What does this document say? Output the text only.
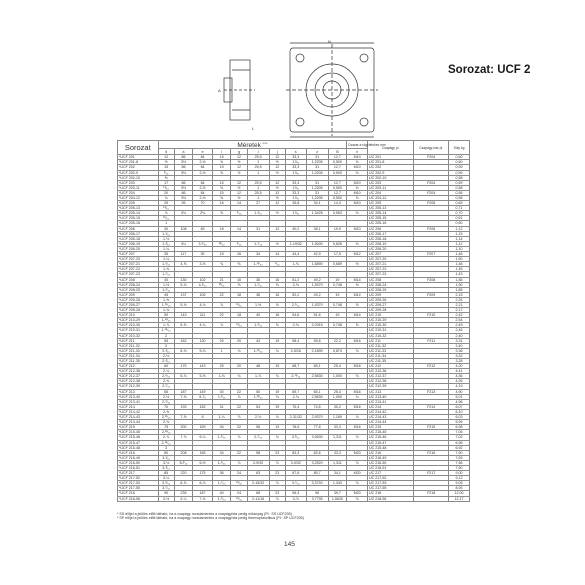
N
A
L
Sorozat: UCF 2
Sorozat	Méretek $^{mm}$										Csavar a rögzítéshez mm	Csapágy pl.	Csapágy-ház pl.	Súly kg
	d	a	e	i	g	l	j	s	z	B	n			
*UCF 201	12	86	64	15	12	25,5	12	33,3	31	12,7	M10	UC 201	F204	0,60
*UCF 201-8	½	3⅜	2-½	⅝	½	1	½	1⅞₆	1,2205	0,500	⅜	UC 201-8		0,60
*UCF 202	15	86	64	15	12	25,5	12	33,3	31	12,7	M10	UC 202		0,59
*UCF 202-9	⁹⁄₁₆	3⅜	2-½	⅝	½	1	½	1⅞₆	1,2205	0,500	⅜	UC 202-9		0,59
*UCF 202-10	⅝											UC 202-10		0,58
*UCF 203	17	86	64	15	12	25,5	12	33,3	31	12,7	M10	UC 203	F204	0,59
*UCF 203-11	¹¹⁄₁₆	3⅜	2-½	⅝	½	1	½	1⅞₆	1,2205	0,500	⅜	UC 203-11		0,58
*UCF 204	20	86	64	15	12	25,5	12	33,3	31	12,7	M10	UC 204	F204	0,56
*UCF 204-12	¾	3⅜	2-½	⅝	½	1	½	1⅞₆	1,2205	0,500	⅜	UC 204-12		0,56
*UCF 205	25	95	70	16	14	27	12	35,8	34,1	14,3	M10	UC 205	F205	0,69
*UCF 205-13	¹³⁄₁₆											UC 205-13		0,71
*UCF 205-14	⅞	3¾	2¾	⅝	⁹⁄₁₆	1-¹⁄₁₆	½	1⅞₆	1,3425	0,563	⅜	UC 205-14		0,70
*UCF 205-15	¹⁵⁄₁₆											UC 205-15		0,61
*UCF 205-16	1											UC 205-16		0,60
*UCF 206	30	108	83	18	14	31	12	40,2	38,1	15,9	M10	UC 206	F206	1,12
*UCF 206-17	1-¹⁄₁₆											UC 206-17		1,15
*UCF 206-18	1-⅛											UC 206-18		1,14
*UCF 206-19	1-³⁄₁₆	4¼	3-⁹⁄₃₂	²³⁄₃₂	⁹⁄₁₆	1-⁷⁄₃₂	½	1-19/32	1,5000	0,626	⅜	UC 206-19		1,12
*UCF 206-20	1-¼											UC 206-20		1,10
*UCF 207	35	117	92	19	16	34	14	44,4	42,9	17,5	M12	UC 207	F207	1,46
*UCF 207-20	1-¼											UC 207-20		1,50
*UCF 207-21	1-⁵⁄₁₆	4-⅝	3-⅝	¾	⅝	1-¹¹⁄₃₂	⁹⁄₁₆	1-¾	1,6890	0,689	½	UC 207-21		1,48
*UCF 207-22	1-⅜											UC 207-22		1,45
*UCF 207-23	1-⁷⁄₁₆											UC 207-23		1,43
*UCF 208	40	130	102	21	16	36	16	51,2	49,2	19	M14	UC 208	F208	1,85
*UCF 208-24	1-½	5-⅛	4-¹⁄₃₂	¹³⁄₁₆	⅝	1-⁷⁄₁₆	⅝	2-⅛	1,9370	0,748	⅝	UC 208-24		1,90
*UCF 208-25	1-⁹⁄₁₆											UC 208-25		1,85
*UCF 209	45	137	105	22	18	38	16	52,2	49,2	19	M14	UC 209	F209	2,15
*UCF 209-26	1-⅝											UC 209-26		2,25
*UCF 209-27	1-¹¹⁄₁₆	5-⅜	4-⅛	⅞	¹¹⁄₁₆	1-½	⅝	2-¹⁄₁₆	1,9370	0,748	⅝	UC 209-27		2,21
*UCF 209-28	1-¾											UC 209-28		2,17
*UCF 210	50	143	111	22	18	40	16	54,6	51,6	19	M14	UC 210	F210	2,42
*UCF 210-29	1-¹³⁄₁₆											UC 210-29		2,54
*UCF 210-30	1-⅞	5-⅝	4-¼	⅞	¹¹⁄₁₆	1-⁹⁄₁₆	⅝	2-⅛	2,0315	0,748	⅝	UC 210-30		2,49
*UCF 210-31	1-¹⁵⁄₁₆											UC 210-31		2,45
*UCF 210-32	2											UC 210-32		2,40
*UCF 211	55	162	130	25	20	43	19	58,4	55,6	22,2	M16	UC 211	F211	3,31
*UCF 211-32	2											UC 211-32		3,40
*UCF 211-33	2-¹⁄₁₆	6-⅜	5-⅛	1	¾	1-¹¹⁄₁₆	¾	2-5/16	2,1890	0,874	¾	UC 211-33		3,36
*UCF 211-34	2-⅛											UC 211-34		3,32
*UCF 211-35	2-³⁄₁₆											UC 211-35		3,28
*UCF 212	60	175	143	29	20	48	19	68,7	65,1	25,4	M16	UC 212	F212	4,20
*UCF 212-36	2-¼											UC 212-36		4,41
*UCF 212-37	2-⁵⁄₁₆	6-⅞	5-⅝	1-⅛	¾	1-⅞	¾	2-¹¹⁄₁₆	2,5630	1,000	¾	UC 212-37		4,36
*UCF 212-38	2-⅜											UC 212-38		4,26
*UCF 212-39	2-⁷⁄₁₆											UC 212-39		4,19
*UCF 213	65	187	149	30	22	50	19	69,7	65,1	25,4	M16	UC 213	F213	4,90
*UCF 213-40	2-½	7-⅜	5-⁷⁄₈	1-³⁄₁₆	⅞	1-³¹⁄₃₂	¾	2-¾	2,5630	1,000	¾	UC 213-40		5,01
*UCF 213-41	2-⁹⁄₁₆											UC 213-41		4,96
*UCF 214	70	193	152	31	22	54	19	75,4	74,6	30,2	M16	UC 214	F214	6,07
*UCF 214-42	2-⅝											UC 214-42		6,10
*UCF 214-43	2-¹¹⁄₁₆	7-⅝	6	1-¼	⅞	2-⅛	¾	2-31/32	2,9370	1,189	¾	UC 214-43		6,03
*UCF 214-44	2-¾											UC 214-44		5,99
*UCF 215	75	200	159	34	22	56	19	78,5	77,8	33,3	M16	UC 215	F215	6,98
*UCF 215-45	2-¹³⁄₁₆											UC 215-45		7,05
*UCF 215-46	2-⅞	7-⅞	6-¼	1-⁵⁄₁₆	⅞	2-⁷⁄₃₂	¾	3-³⁄₃₂	3,0630	1,311	¾	UC 215-46		7,02
*UCF 215-47	2-¹⁵⁄₁₆											UC 215-47		6,96
*UCF 215-48	3											UC 215-48		6,92
*UCF 216	80	208	165	34	22	58	23	83,3	82,6	33,3	M20	UC 216	F216	7,50
*UCF 216-49	3-¹⁄₁₆											UC 216-49		7,63
*UCF 216-50	3-⅛	8-³⁄₁₆	6-½	1-⁵⁄₁₆	⅞	2-9/32	⅞	3-9/32	3,2520	1,311	⅞	UC 216-50		7,56
*UCF 216-51	3-³⁄₁₆											UC 216-51		7,50
*UCF 217	85	220	175	36	24	63	23	87,6	85,7	34,1	M20	UC 217	F217	9,00
*UCF 217-52	3-¼											UC 217-52		9,12
*UCF 217-53	3-⁵⁄₁₆	8-⅝	6-⅞	1-⁷⁄₁₆	¹⁵⁄₁₆	2-15/32	⅞	3-⁷⁄₁₆	3,3740	1,343	⅞	UC 217-53		9,05
*UCF 217-55	3-⁷⁄₁₆											UC 217-55		8,93
*UCF 218	90	235	187	40	24	68	23	96,3	96	39,7	M20	UC 218	F218	12,00
*UCF 218-56	3-½	9-¼	7-⅜	1-⁹⁄₁₆	¹⁵⁄₁₆	2-11/16	⅞	3-⅞	3,7795	1,5630	⅞	UC 218-56		12,17
* SS előjel a jelölés előtt látható, ha a csapágy rozsdamentes a csapágyház pedig műanyag (Pl.: SS UCF205)
* SP előjel a jelölés előtt látható, ha a csapágy rozsdamentes a csapágyház pedig thermoplasztikus (Pl.: SP UCF205)
145
